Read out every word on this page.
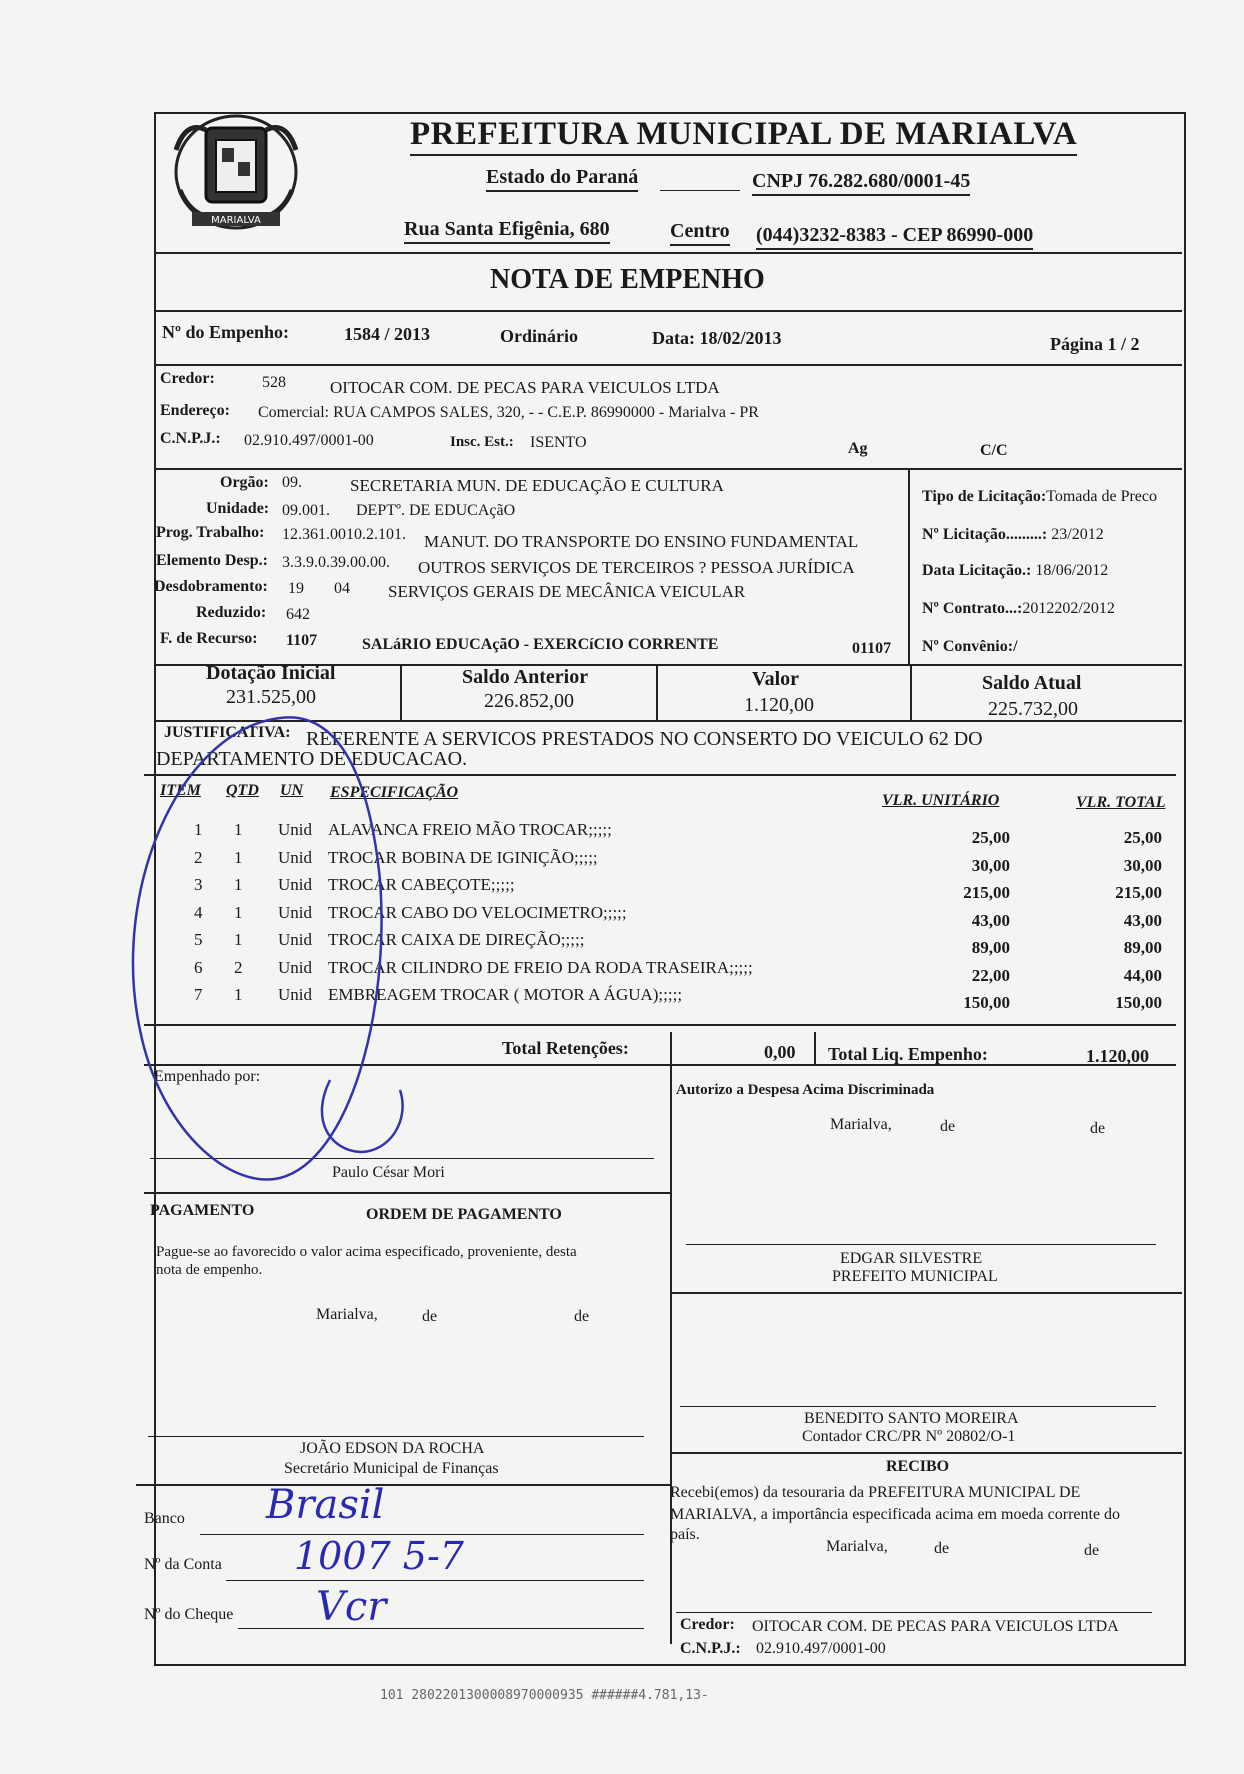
MARIALVA
PREFEITURA MUNICIPAL DE MARIALVA
Estado do Paraná	CNPJ 76.282.680/0001-45
Rua Santa Efigênia, 680	Centro (044)3232-8383 - CEP 86990-000
NOTA DE EMPENHO
Nº do Empenho:	1584 / 2013	Ordinário	Data: 18/02/2013	Página 1 / 2
Credor:	528	OITOCAR COM. DE PECAS PARA VEICULOS LTDA
Endereço: Comercial: RUA CAMPOS SALES, 320, - - C.E.P. 86990000 - Marialva - PR
C.N.P.J.: 02.910.497/0001-00	Insc. Est.: ISENTO	Ag	C/C
Orgão: 09.	SECRETARIA MUN. DE EDUCAÇÃO E CULTURA
Unidade: 09.001. DEPTº. DE EDUCAçãO
Prog. Trabalho: 12.361.0010.2.101. MANUT. DO TRANSPORTE DO ENSINO FUNDAMENTAL
Elemento Desp.: 3.3.9.0.39.00.00. OUTROS SERVIÇOS DE TERCEIROS ? PESSOA JURÍDICA
Desdobramento: 19 04 SERVIÇOS GERAIS DE MECÂNICA VEICULAR
Reduzido: 642
F. de Recurso: 1107	SALáRIO EDUCAçãO - EXERCíCIO CORRENTE	01107
Tipo de Licitação:Tomada de Preco
Nº Licitação.........: 23/2012
Data Licitação.: 18/06/2012
Nº Contrato...:2012202/2012
Nº Convênio:/
Dotação Inicial
231.525,00
Saldo Anterior
226.852,00
Valor
1.120,00
Saldo Atual
225.732,00
JUSTIFICATIVA: REFERENTE A SERVICOS PRESTADOS NO CONSERTO DO VEICULO 62 DO
DEPARTAMENTO DE EDUCACAO.
ITEM QTD UN ESPECIFICAÇÃO	VLR. UNITÁRIO	VLR. TOTAL
1 1 Unid ALAVANCA FREIO MÃO TROCAR;;;;;	25,00	25,00
2 1 Unid TROCAR BOBINA DE IGINIÇÃO;;;;;	30,00	30,00
3 1 Unid TROCAR CABEÇOTE;;;;;	215,00	215,00
4 1 Unid TROCAR CABO DO VELOCIMETRO;;;;;	43,00	43,00
5 1 Unid TROCAR CAIXA DE DIREÇÃO;;;;;	89,00	89,00
6 2 Unid TROCAR CILINDRO DE FREIO DA RODA TRASEIRA;;;;;	22,00	44,00
7 1 Unid EMBREAGEM TROCAR ( MOTOR A ÁGUA);;;;;	150,00	150,00
Total Retenções:	0,00 Total Liq. Empenho:	1.120,00
Empenhado por:
Paulo César Mori
PAGAMENTO	ORDEM DE PAGAMENTO
Pague-se ao favorecido o valor acima especificado, proveniente, desta
nota de empenho.
Marialva,	de	de
JOÃO EDSON DA ROCHA
Secretário Municipal de Finanças
Banco Brasil
Nº da Conta 1007 5-7
Nº do Cheque Vcr
Autorizo a Despesa Acima Discriminada
Marialva,	de	de
EDGAR SILVESTRE
PREFEITO MUNICIPAL
BENEDITO SANTO MOREIRA
Contador CRC/PR Nº 20802/O-1
RECIBO
Recebi(emos) da tesouraria da PREFEITURA MUNICIPAL DE
MARIALVA, a importância especificada acima em moeda corrente do
país.
Marialva,	de	de
Credor: OITOCAR COM. DE PECAS PARA VEICULOS LTDA
C.N.P.J.: 02.910.497/0001-00
101 2802201300008970000935 ######4.781,13-
